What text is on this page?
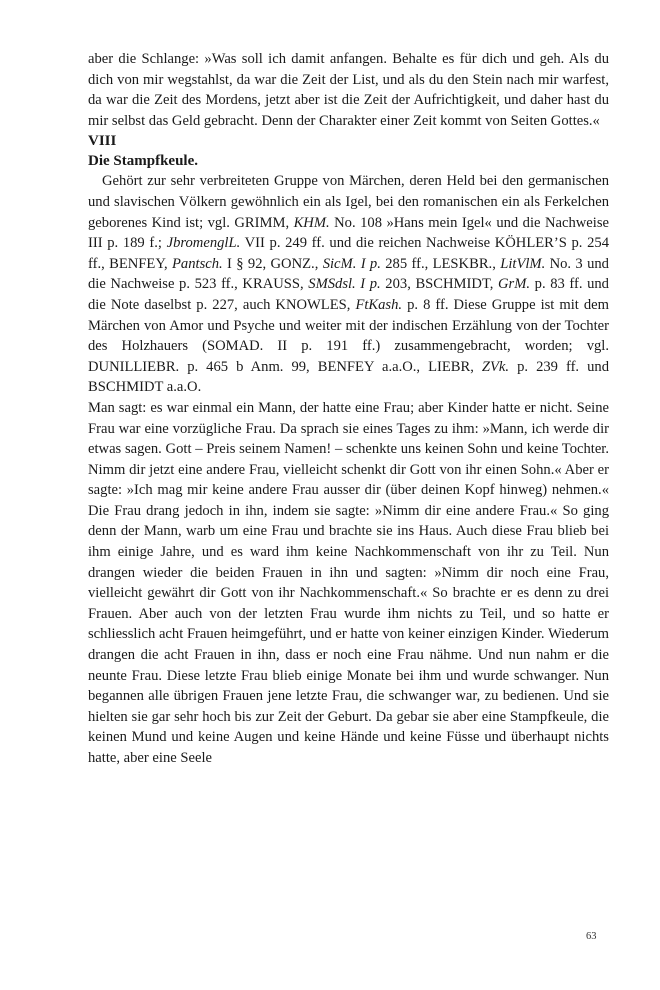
aber die Schlange: »Was soll ich damit anfangen. Behalte es für dich und geh. Als du dich von mir wegstahlst, da war die Zeit der List, und als du den Stein nach mir warfest, da war die Zeit des Mordens, jetzt aber ist die Zeit der Aufrichtigkeit, und daher hast du mir selbst das Geld gebracht. Denn der Charakter einer Zeit kommt von Seiten Gottes.«

VIII

Die Stampfkeule.

Gehört zur sehr verbreiteten Gruppe von Märchen, deren Held bei den germanischen und slavischen Völkern gewöhnlich ein als Igel, bei den romanischen ein als Ferkelchen geborenes Kind ist; vgl. GRIMM, KHM. No. 108 »Hans mein Igel« und die Nachweise III p. 189 f.; JbromenglL. VII p. 249 ff. und die reichen Nachweise KÖHLER’S p. 254 ff., BENFEY, Pantsch. I § 92, GONZ., SicM. I p. 285 ff., LESKBR., LitVlM. No. 3 und die Nachweise p. 523 ff., KRAUSS, SMSdsl. I p. 203, BSCHMIDT, GrM. p. 83 ff. und die Note daselbst p. 227, auch KNOWLES, FtKash. p. 8 ff. Diese Gruppe ist mit dem Märchen von Amor und Psyche und weiter mit der indischen Erzählung von der Tochter des Holzhauers (SOMAD. II p. 191 ff.) zusammengebracht, worden; vgl. DUNILLIEBR. p. 465 b Anm. 99, BENFEY a.a.O., LIEBR, ZVk. p. 239 ff. und BSCHMIDT a.a.O.

Man sagt: es war einmal ein Mann, der hatte eine Frau; aber Kinder hatte er nicht. Seine Frau war eine vorzügliche Frau. Da sprach sie eines Tages zu ihm: »Mann, ich werde dir etwas sagen. Gott – Preis seinem Namen! – schenkte uns keinen Sohn und keine Tochter. Nimm dir jetzt eine andere Frau, vielleicht schenkt dir Gott von ihr einen Sohn.« Aber er sagte: »Ich mag mir keine andere Frau ausser dir (über deinen Kopf hinweg) nehmen.« Die Frau drang jedoch in ihn, indem sie sagte: »Nimm dir eine andere Frau.« So ging denn der Mann, warb um eine Frau und brachte sie ins Haus. Auch diese Frau blieb bei ihm einige Jahre, und es ward ihm keine Nachkommenschaft von ihr zu Teil. Nun drangen wieder die beiden Frauen in ihn und sagten: »Nimm dir noch eine Frau, vielleicht gewährt dir Gott von ihr Nachkommenschaft.« So brachte er es denn zu drei Frauen. Aber auch von der letzten Frau wurde ihm nichts zu Teil, und so hatte er schliesslich acht Frauen heimgeführt, und er hatte von keiner einzigen Kinder. Wiederum drangen die acht Frauen in ihn, dass er noch eine Frau nähme. Und nun nahm er die neunte Frau. Diese letzte Frau blieb einige Monate bei ihm und wurde schwanger. Nun begannen alle übrigen Frauen jene letzte Frau, die schwanger war, zu bedienen. Und sie hielten sie gar sehr hoch bis zur Zeit der Geburt. Da gebar sie aber eine Stampfkeule, die keinen Mund und keine Augen und keine Hände und keine Füsse und überhaupt nichts hatte, aber eine Seele

63
